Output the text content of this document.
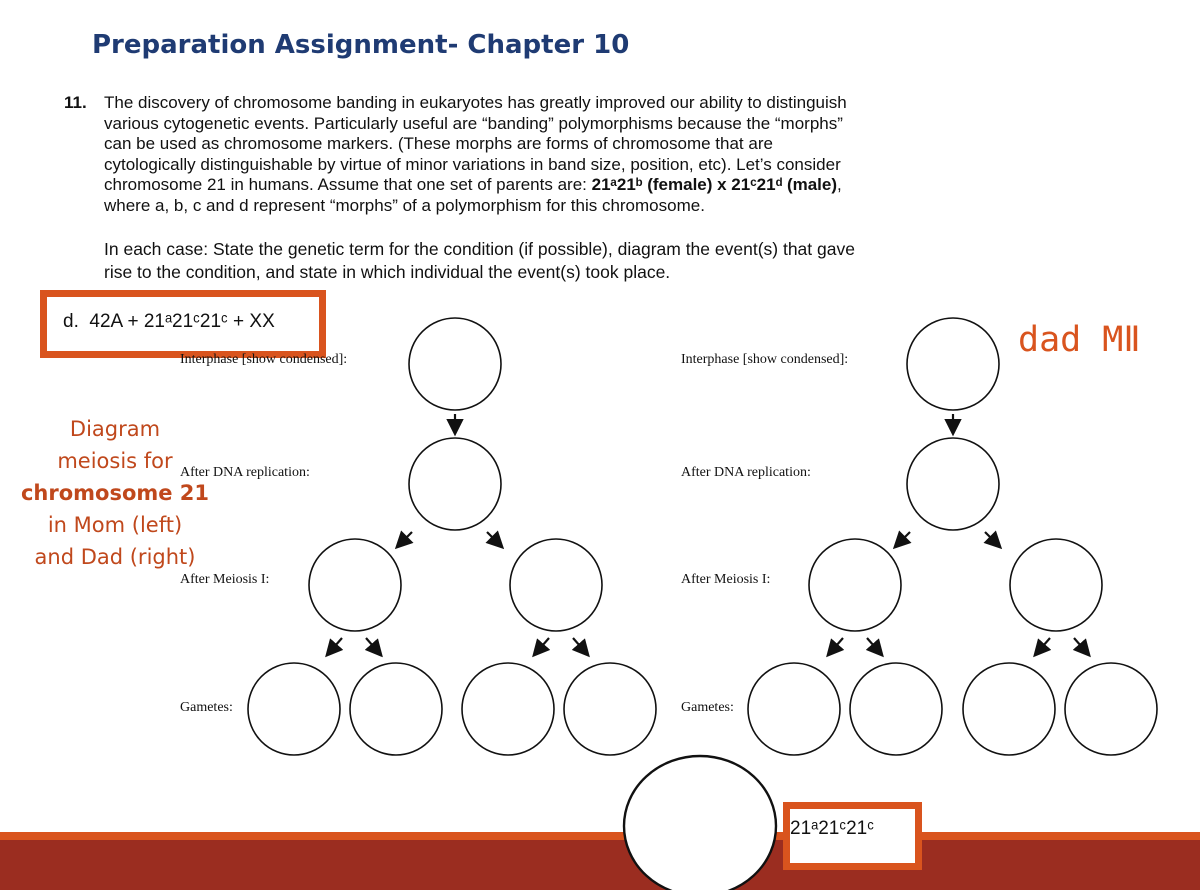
Preparation Assignment- Chapter 10
11. The discovery of chromosome banding in eukaryotes has greatly improved our ability to distinguish
various cytogenetic events. Particularly useful are “banding” polymorphisms because the “morphs”
can be used as chromosome markers. (These morphs are forms of chromosome that are
cytologically distinguishable by virtue of minor variations in band size, position, etc). Let’s consider
chromosome 21 in humans. Assume that one set of parents are: 21ᵃ21ᵇ (female) x 21ᶜ21ᵈ (male),
where a, b, c and d represent “morphs” of a polymorphism for this chromosome.
In each case: State the genetic term for the condition (if possible), diagram the event(s) that gave
rise to the condition, and state in which individual the event(s) took place.
d. 42A + 21ᵃ21ᶜ21ᶜ + XX
Diagram
meiosis for
chromosome 21
in Mom (left)
and Dad (right)
Interphase [show condensed]:
After DNA replication:
After Meiosis I:
Gametes:
Interphase [show condensed]:
After DNA replication:
After Meiosis I:
Gametes:
dad MⅡ
21ᵃ21ᶜ21ᶜ
